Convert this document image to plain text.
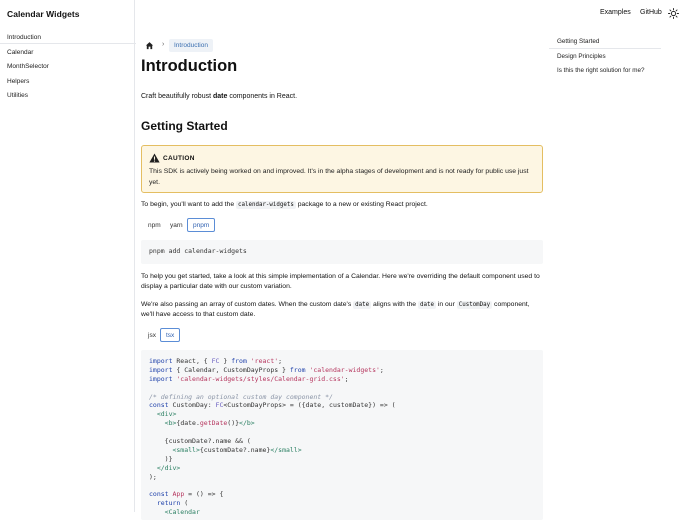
Calendar Widgets
Introduction
Calendar
MonthSelector
Helpers
Utilities
Examples GitHub
›	Introduction
Introduction
Craft beautifully robust date components in React.
Getting Started
CAUTION
This SDK is actively being worked on and improved. It's in the alpha stages of development and is not ready for public use just yet.
To begin, you'll want to add the calendar-widgets package to a new or existing React project.
npm	yarn	pnpm
pnpm add calendar-widgets
To help you get started, take a look at this simple implementation of a Calendar. Here we're overriding the default component used to display a particular date with our custom variation.
We're also passing an array of custom dates. When the custom date's date aligns with the date in our CustomDay component, we'll have access to that custom date.
jsx	tsx
import React, { FC } from 'react';
import { Calendar, CustomDayProps } from 'calendar-widgets';
import 'calendar-widgets/styles/Calendar-grid.css';

/* defining an optional custom day component */
const CustomDay: FC<CustomDayProps> = ({date, customDate}) => (
<div>
<b>{date.getDate()}</b>

{customDate?.name && (
<small>{customDate?.name}</small>
)}
</div>
);

const App = () => {
return (
<Calendar
Getting Started
Design Principles
Is this the right solution for me?
